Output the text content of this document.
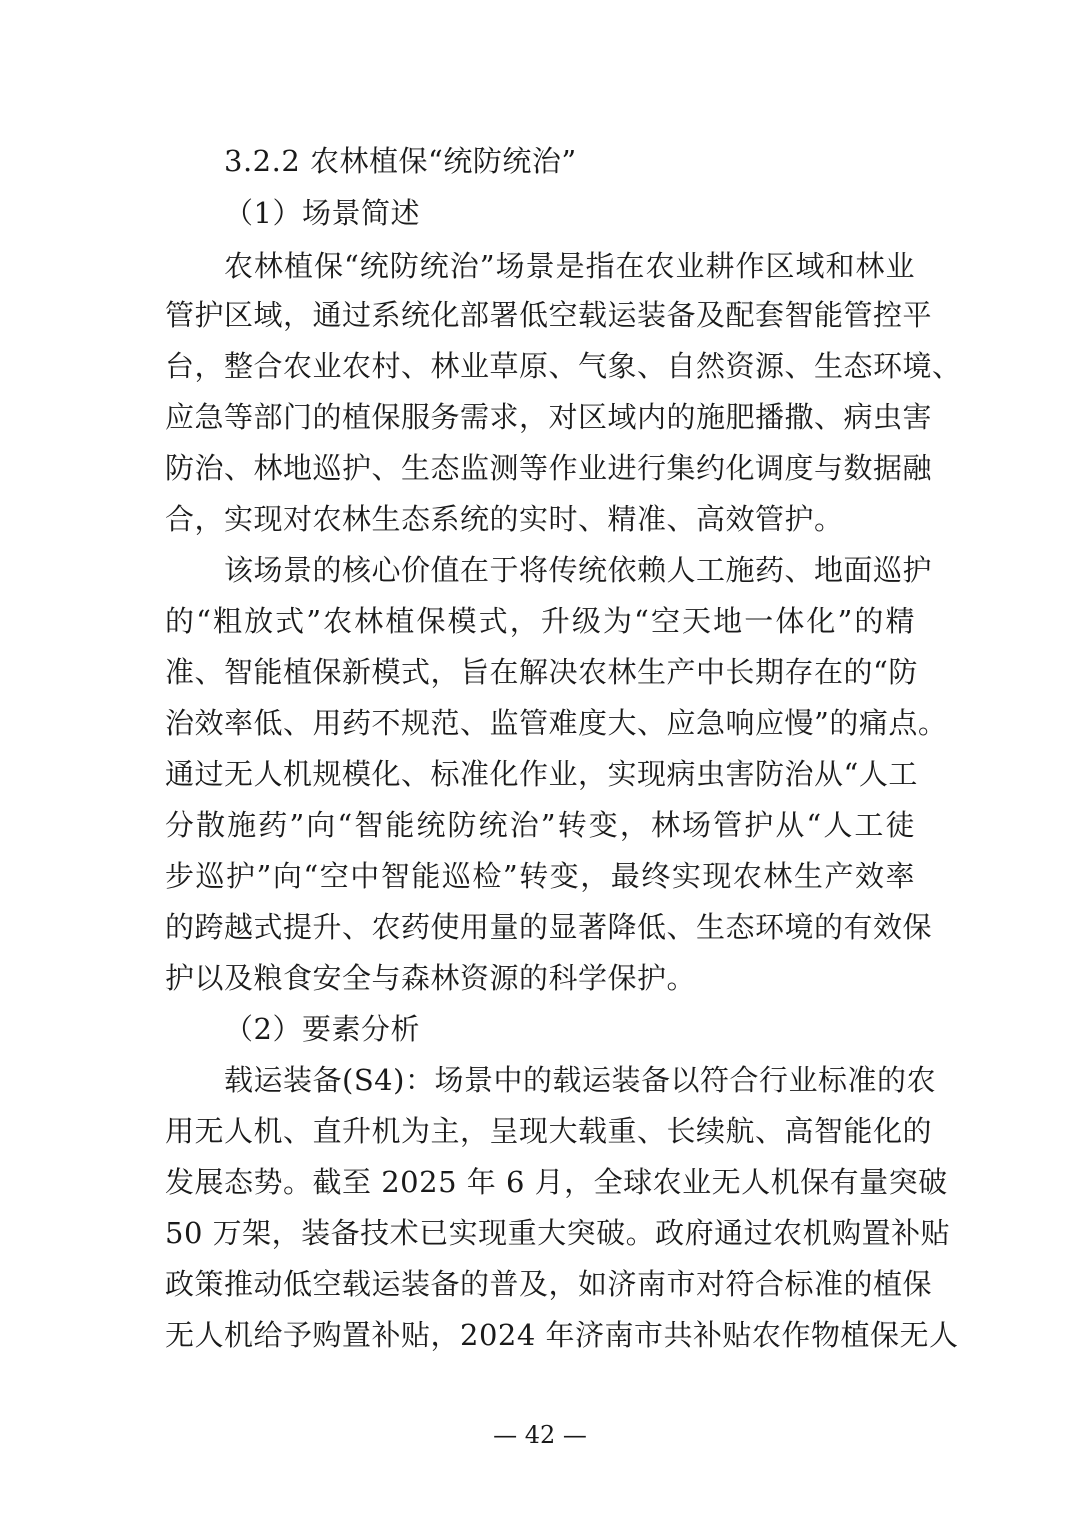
3.2.2 农林植保“统防统治”
（1）场景简述
农林植保“统防统治”场景是指在农业耕作区域和林业
管护区域，通过系统化部署低空载运装备及配套智能管控平
台，整合农业农村、林业草原、气象、自然资源、生态环境、
应急等部门的植保服务需求，对区域内的施肥播撒、病虫害
防治、林地巡护、生态监测等作业进行集约化调度与数据融
合，实现对农林生态系统的实时、精准、高效管护。
该场景的核心价值在于将传统依赖人工施药、地面巡护
的“粗放式”农林植保模式，升级为“空天地一体化”的精
准、智能植保新模式，旨在解决农林生产中长期存在的“防
治效率低、用药不规范、监管难度大、应急响应慢”的痛点。
通过无人机规模化、标准化作业，实现病虫害防治从“人工
分散施药”向“智能统防统治”转变，林场管护从“人工徒
步巡护”向“空中智能巡检”转变，最终实现农林生产效率
的跨越式提升、农药使用量的显著降低、生态环境的有效保
护以及粮食安全与森林资源的科学保护。
（2）要素分析
载运装备(S4)：场景中的载运装备以符合行业标准的农
用无人机、直升机为主，呈现大载重、长续航、高智能化的
发展态势。截至 2025 年 6 月，全球农业无人机保有量突破
50 万架，装备技术已实现重大突破。政府通过农机购置补贴
政策推动低空载运装备的普及，如济南市对符合标准的植保
无人机给予购置补贴，2024 年济南市共补贴农作物植保无人
— 42 —
